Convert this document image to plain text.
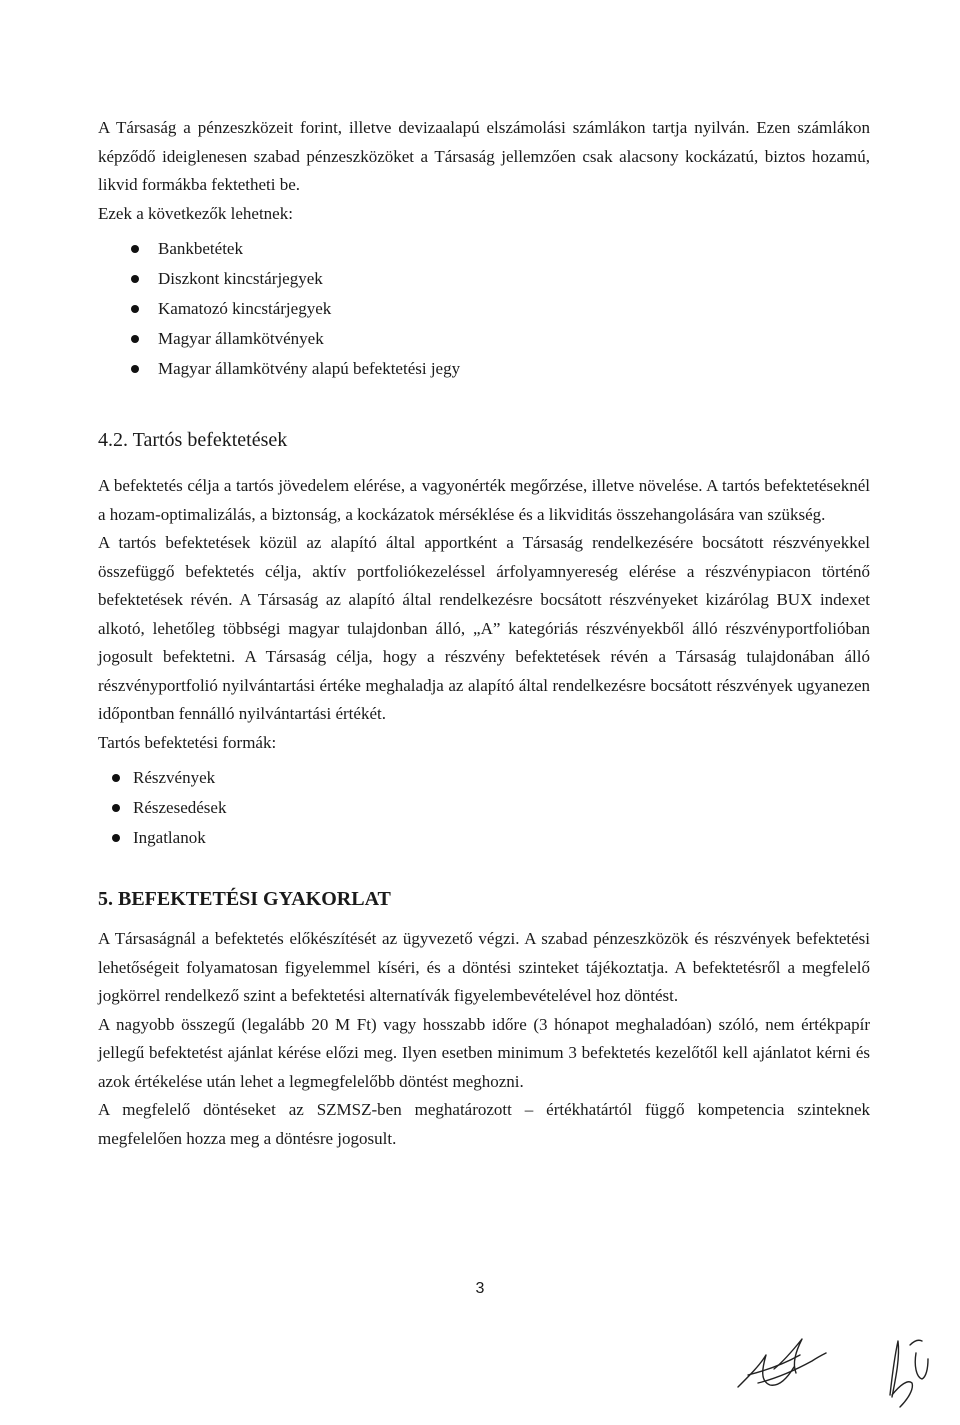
A Társaság a pénzeszközeit forint, illetve devizaalapú elszámolási számlákon tartja nyilván. Ezen számlákon képződő ideiglenesen szabad pénzeszközöket a Társaság jellemzően csak alacsony kockázatú, biztos hozamú, likvid formákba fektetheti be.

Ezek a következők lehetnek:

Bankbetétek
Diszkont kincstárjegyek
Kamatozó kincstárjegyek
Magyar államkötvények
Magyar államkötvény alapú befektetési jegy
4.2. Tartós befektetések

A befektetés célja a tartós jövedelem elérése, a vagyonérték megőrzése, illetve növelése. A tartós befektetéseknél a hozam-optimalizálás, a biztonság, a kockázatok mérséklése és a likviditás összehangolására van szükség.

A tartós befektetések közül az alapító által apportként a Társaság rendelkezésére bocsátott részvényekkel összefüggő befektetés célja, aktív portfoliókezeléssel árfolyamnyereség elérése a részvénypiacon történő befektetések révén. A Társaság az alapító által rendelkezésre bocsátott részvényeket kizárólag BUX indexet alkotó, lehetőleg többségi magyar tulajdonban álló, „A” kategóriás részvényekből álló részvényportfolióban jogosult befektetni. A Társaság célja, hogy a részvény befektetések révén a Társaság tulajdonában álló részvényportfolió nyilvántartási értéke meghaladja az alapító által rendelkezésre bocsátott részvények ugyanezen időpontban fennálló nyilvántartási értékét.

Tartós befektetési formák:

Részvények
Részesedések
Ingatlanok
5. BEFEKTETÉSI GYAKORLAT

A Társaságnál a befektetés előkészítését az ügyvezető végzi. A szabad pénzeszközök és részvények befektetési lehetőségeit folyamatosan figyelemmel kíséri, és a döntési szinteket tájékoztatja. A befektetésről a megfelelő jogkörrel rendelkező szint a befektetési alternatívák figyelembevételével hoz döntést.

A nagyobb összegű (legalább 20 M Ft) vagy hosszabb időre (3 hónapot meghaladóan) szóló, nem értékpapír jellegű befektetést ajánlat kérése előzi meg. Ilyen esetben minimum 3 befektetés kezelőtől kell ajánlatot kérni és azok értékelése után lehet a legmegfelelőbb döntést meghozni.

A megfelelő döntéseket az SZMSZ-ben meghatározott – értékhatártól függő kompetencia szinteknek megfelelően hozza meg a döntésre jogosult.

3
